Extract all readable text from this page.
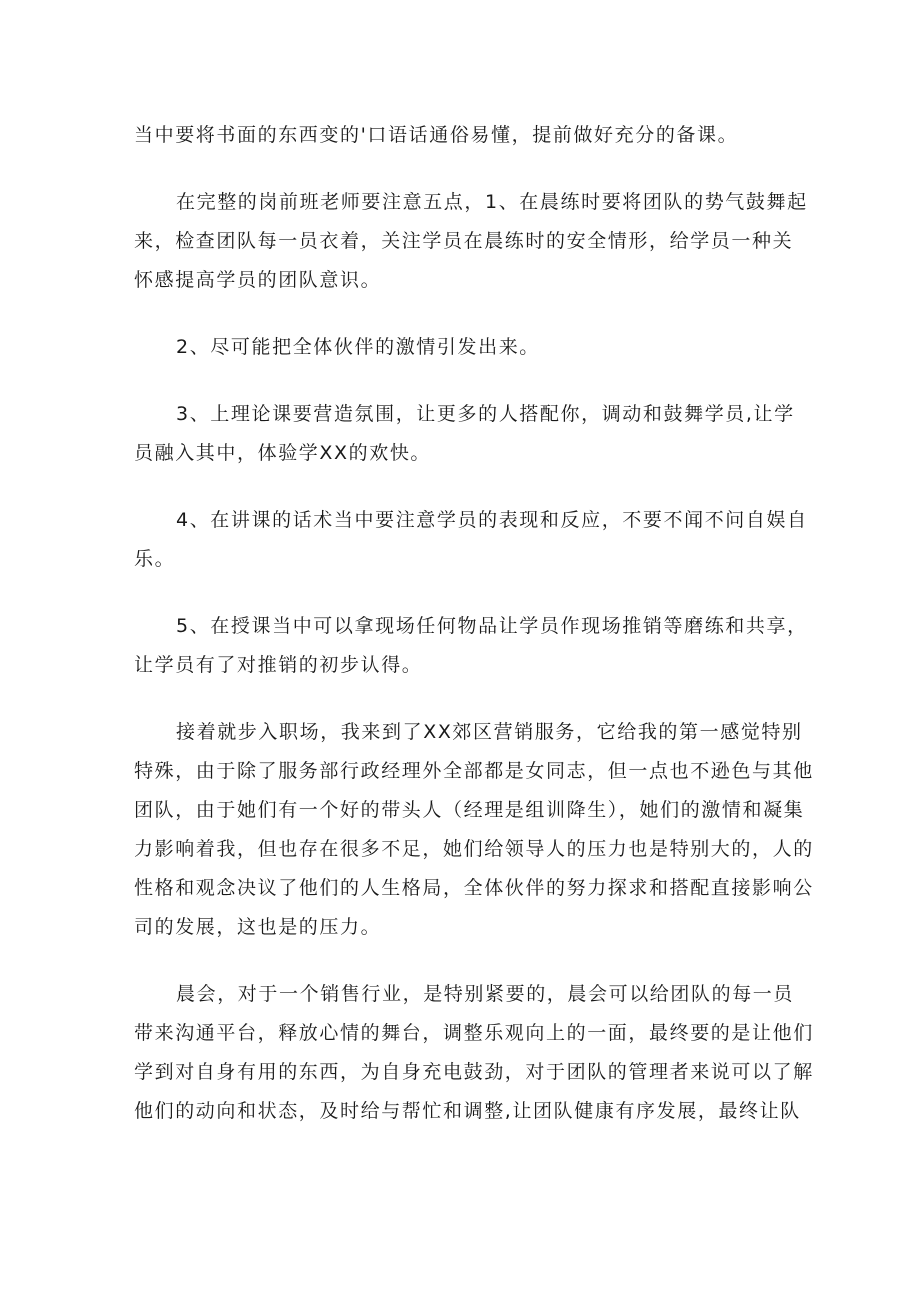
当中要将书面的东西变的'口语话通俗易懂，提前做好充分的备课。
在完整的岗前班老师要注意五点，1、在晨练时要将团队的势气鼓舞起
来，检查团队每一员衣着，关注学员在晨练时的安全情形，给学员一种关
怀感提高学员的团队意识。
2、尽可能把全体伙伴的激情引发出来。
3、上理论课要营造氛围，让更多的人搭配你，调动和鼓舞学员,让学
员融入其中，体验学XX的欢快。
4、在讲课的话术当中要注意学员的表现和反应，不要不闻不问自娱自
乐。
5、在授课当中可以拿现场任何物品让学员作现场推销等磨练和共享，
让学员有了对推销的初步认得。
接着就步入职场，我来到了XX郊区营销服务，它给我的第一感觉特别
特殊，由于除了服务部行政经理外全部都是女同志，但一点也不逊色与其他
团队，由于她们有一个好的带头人（经理是组训降生），她们的激情和凝集
力影响着我，但也存在很多不足，她们给领导人的压力也是特别大的，人的
性格和观念决议了他们的人生格局，全体伙伴的努力探求和搭配直接影响公
司的发展，这也是的压力。
晨会，对于一个销售行业，是特别紧要的，晨会可以给团队的每一员
带来沟通平台，释放心情的舞台，调整乐观向上的一面，最终要的是让他们
学到对自身有用的东西，为自身充电鼓劲，对于团队的管理者来说可以了解
他们的动向和状态，及时给与帮忙和调整,让团队健康有序发展，最终让队
